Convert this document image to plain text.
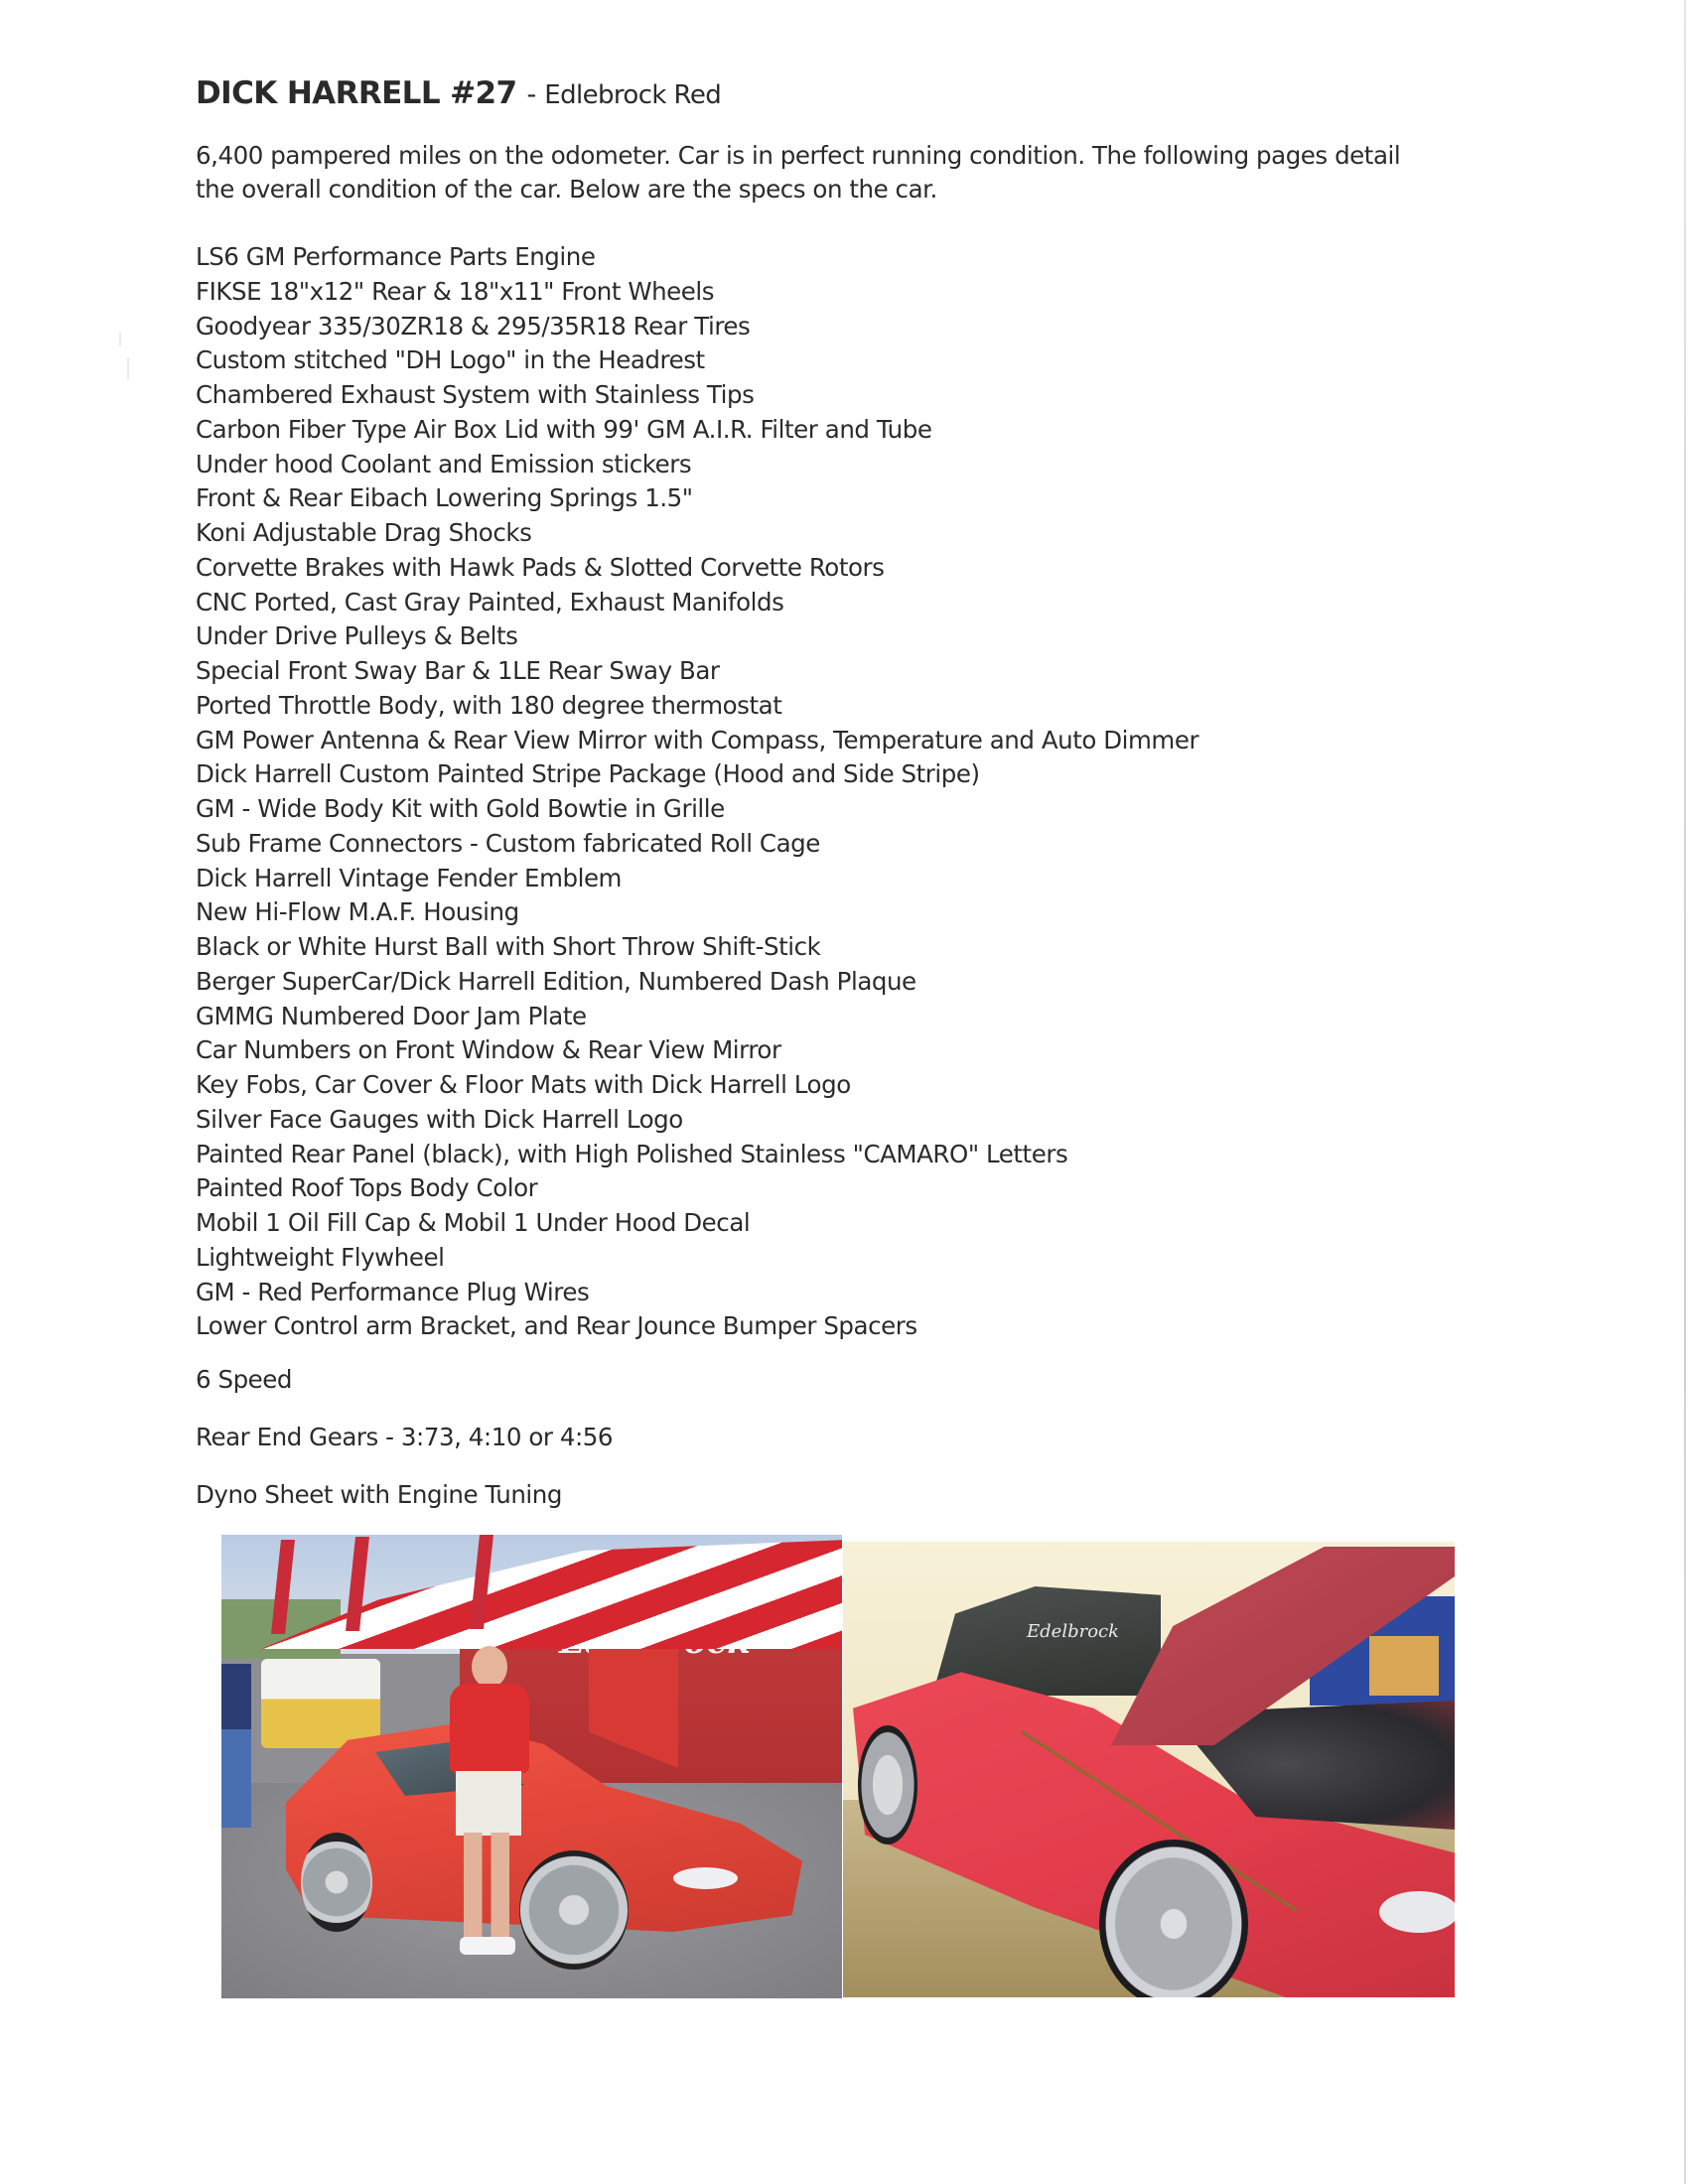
DICK HARRELL #27 - Edlebrock Red

6,400 pampered miles on the odometer. Car is in perfect running condition. The following pages detail
the overall condition of the car. Below are the specs on the car.

LS6 GM Performance Parts Engine
FIKSE 18"x12" Rear & 18"x11" Front Wheels
Goodyear 335/30ZR18 & 295/35R18 Rear Tires
Custom stitched "DH Logo" in the Headrest
Chambered Exhaust System with Stainless Tips
Carbon Fiber Type Air Box Lid with 99' GM A.I.R. Filter and Tube
Under hood Coolant and Emission stickers
Front & Rear Eibach Lowering Springs 1.5"
Koni Adjustable Drag Shocks
Corvette Brakes with Hawk Pads & Slotted Corvette Rotors
CNC Ported, Cast Gray Painted, Exhaust Manifolds
Under Drive Pulleys & Belts
Special Front Sway Bar & 1LE Rear Sway Bar
Ported Throttle Body, with 180 degree thermostat
GM Power Antenna & Rear View Mirror with Compass, Temperature and Auto Dimmer
Dick Harrell Custom Painted Stripe Package (Hood and Side Stripe)
GM - Wide Body Kit with Gold Bowtie in Grille
Sub Frame Connectors - Custom fabricated Roll Cage
Dick Harrell Vintage Fender Emblem
New Hi-Flow M.A.F. Housing
Black or White Hurst Ball with Short Throw Shift-Stick
Berger SuperCar/Dick Harrell Edition, Numbered Dash Plaque
GMMG Numbered Door Jam Plate
Car Numbers on Front Window & Rear View Mirror
Key Fobs, Car Cover & Floor Mats with Dick Harrell Logo
Silver Face Gauges with Dick Harrell Logo
Painted Rear Panel (black), with High Polished Stainless "CAMARO" Letters
Painted Roof Tops Body Color
Mobil 1 Oil Fill Cap & Mobil 1 Under Hood Decal
Lightweight Flywheel
GM - Red Performance Plug Wires
Lower Control arm Bracket, and Rear Jounce Bumper Spacers
6 Speed
Rear End Gears - 3:73, 4:10 or 4:56
Dyno Sheet with Engine Tuning
Edelbrock
